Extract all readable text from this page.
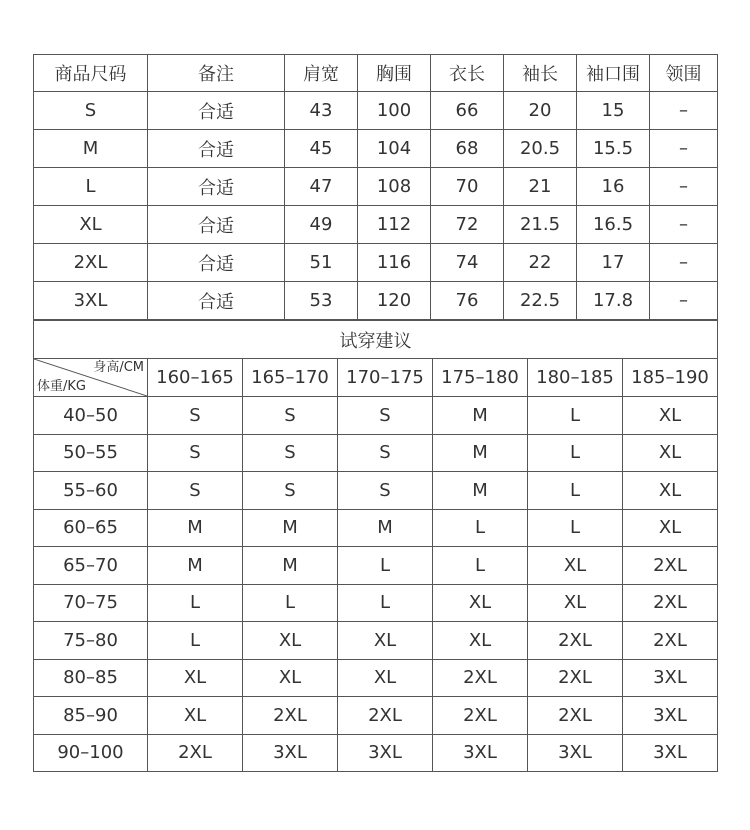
商品尺码	备注	肩宽	胸围	衣长	袖长	袖口围	领围
S	合适	43	100	66	20	15	–
M	合适	45	104	68	20.5	15.5	–
L	合适	47	108	70	21	16	–
XL	合适	49	112	72	21.5	16.5	–
2XL	合适	51	116	74	22	17	–
3XL	合适	53	120	76	22.5	17.8	–
试穿建议						

身高/CM
体重/KG	160–165	165–170	170–175	175–180	180–185	185–190
40–50	S	S	S	M	L	XL
50–55	S	S	S	M	L	XL
55–60	S	S	S	M	L	XL
60–65	M	M	M	L	L	XL
65–70	M	M	L	L	XL	2XL
70–75	L	L	L	XL	XL	2XL
75–80	L	XL	XL	XL	2XL	2XL
80–85	XL	XL	XL	2XL	2XL	3XL
85–90	XL	2XL	2XL	2XL	2XL	3XL
90–100	2XL	3XL	3XL	3XL	3XL	3XL
